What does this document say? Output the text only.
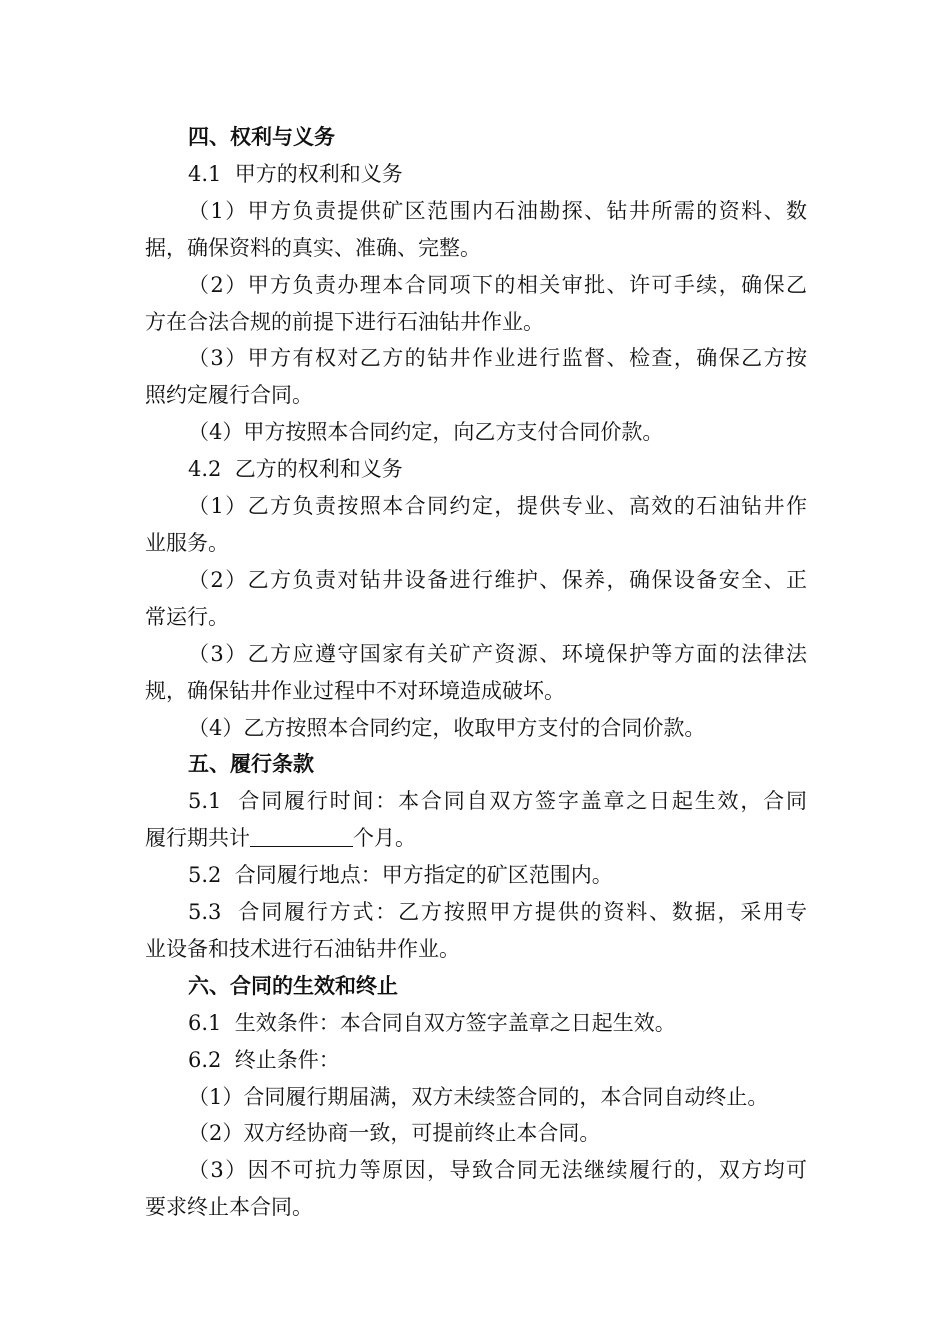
四、权利与义务

4.1  甲方的权利和义务

（1）甲方负责提供矿区范围内石油勘探、钻井所需的资料、数

据，确保资料的真实、准确、完整。

（2）甲方负责办理本合同项下的相关审批、许可手续，确保乙

方在合法合规的前提下进行石油钻井作业。

（3）甲方有权对乙方的钻井作业进行监督、检查，确保乙方按

照约定履行合同。

（4）甲方按照本合同约定，向乙方支付合同价款。

4.2  乙方的权利和义务

（1）乙方负责按照本合同约定，提供专业、高效的石油钻井作

业服务。

（2）乙方负责对钻井设备进行维护、保养，确保设备安全、正

常运行。

（3）乙方应遵守国家有关矿产资源、环境保护等方面的法律法

规，确保钻井作业过程中不对环境造成破坏。

（4）乙方按照本合同约定，收取甲方支付的合同价款。

五、履行条款

5.1  合同履行时间：本合同自双方签字盖章之日起生效，合同

履行期共计	个月。

5.2  合同履行地点：甲方指定的矿区范围内。

5.3  合同履行方式：乙方按照甲方提供的资料、数据，采用专

业设备和技术进行石油钻井作业。

六、合同的生效和终止

6.1  生效条件：本合同自双方签字盖章之日起生效。

6.2  终止条件：

（1）合同履行期届满，双方未续签合同的，本合同自动终止。

（2）双方经协商一致，可提前终止本合同。

（3）因不可抗力等原因，导致合同无法继续履行的，双方均可

要求终止本合同。
